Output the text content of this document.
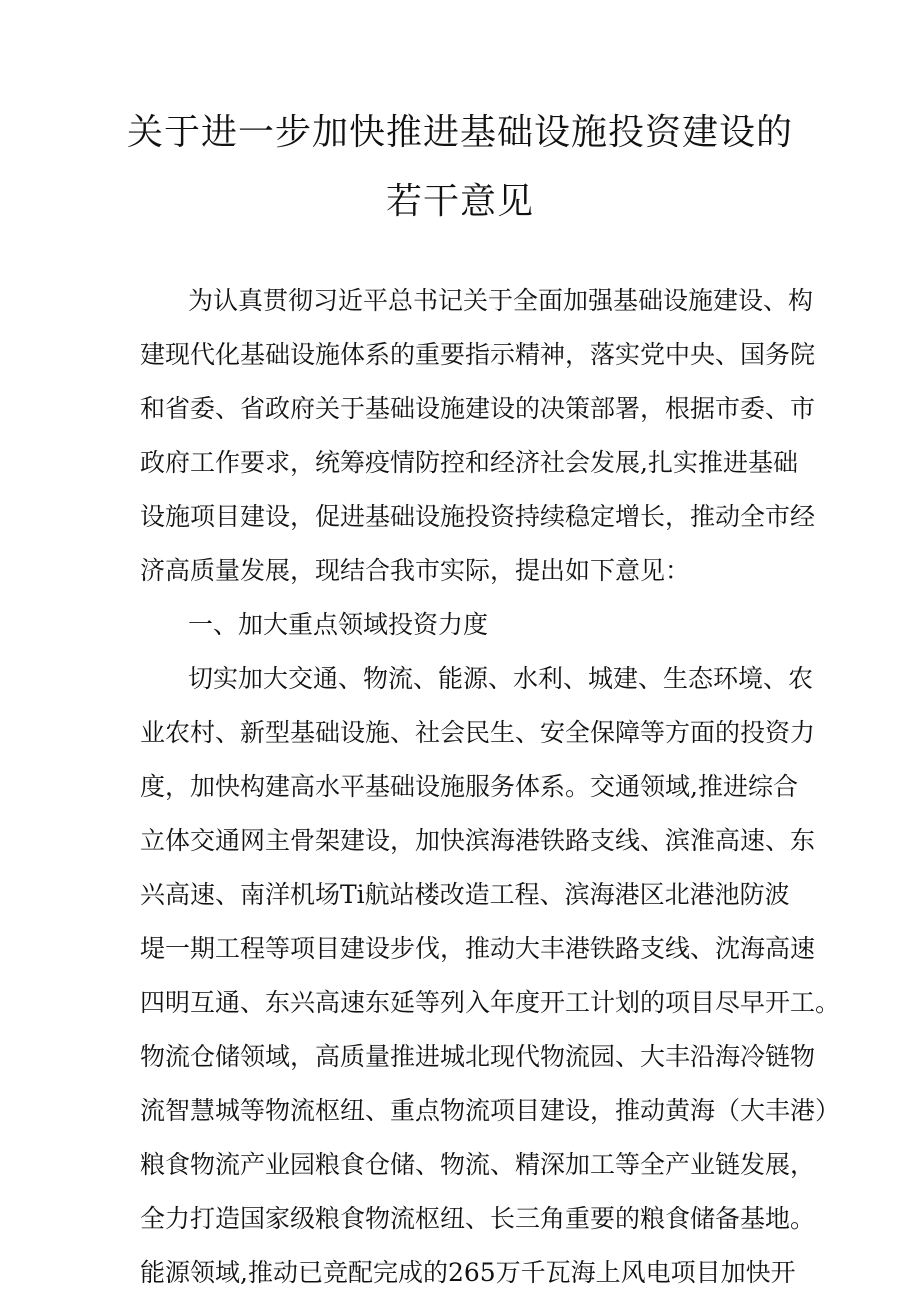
关于进一步加快推进基础设施投资建设的
若干意见
为认真贯彻习近平总书记关于全面加强基础设施建设、构
建现代化基础设施体系的重要指示精神，落实党中央、国务院
和省委、省政府关于基础设施建设的决策部署，根据市委、市
政府工作要求，统筹疫情防控和经济社会发展,扎实推进基础
设施项目建设，促进基础设施投资持续稳定增长，推动全市经
济高质量发展，现结合我市实际，提出如下意见：
一、加大重点领域投资力度
切实加大交通、物流、能源、水利、城建、生态环境、农
业农村、新型基础设施、社会民生、安全保障等方面的投资力
度，加快构建高水平基础设施服务体系。交通领域,推进综合
立体交通网主骨架建设，加快滨海港铁路支线、滨淮高速、东
兴高速、南洋机场Ti航站楼改造工程、滨海港区北港池防波
堤一期工程等项目建设步伐，推动大丰港铁路支线、沈海高速
四明互通、东兴高速东延等列入年度开工计划的项目尽早开工。
物流仓储领域，高质量推进城北现代物流园、大丰沿海冷链物
流智慧城等物流枢纽、重点物流项目建设，推动黄海（大丰港）
粮食物流产业园粮食仓储、物流、精深加工等全产业链发展，
全力打造国家级粮食物流枢纽、长三角重要的粮食储备基地。
能源领域,推动已竞配完成的265万千瓦海上风电项目加快开
